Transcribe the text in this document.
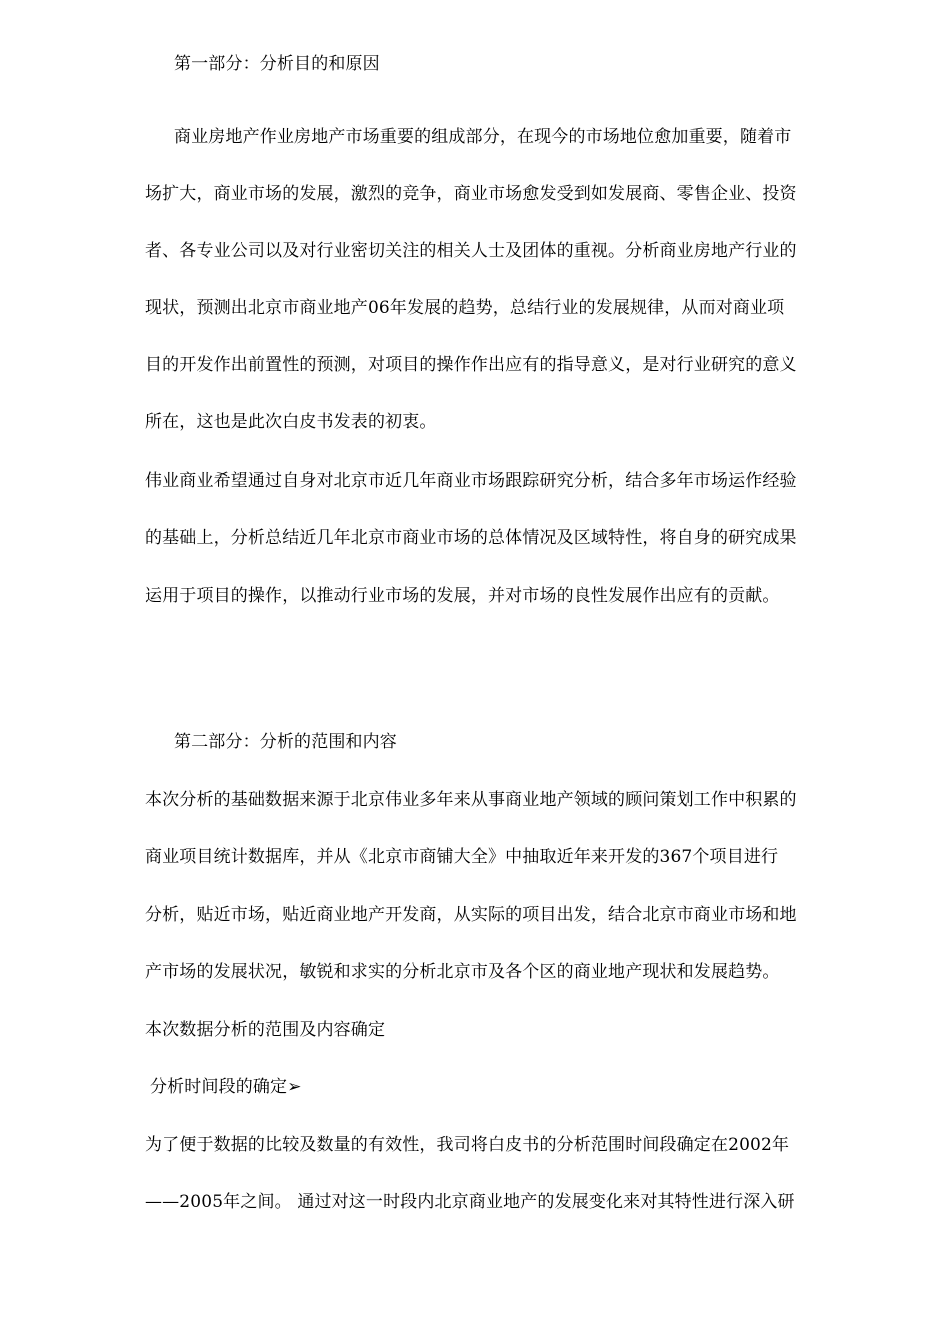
第一部分：分析目的和原因
商业房地产作业房地产市场重要的组成部分，在现今的市场地位愈加重要，随着市
场扩大，商业市场的发展，激烈的竞争，商业市场愈发受到如发展商、零售企业、投资
者、各专业公司以及对行业密切关注的相关人士及团体的重视。分析商业房地产行业的
现状，预测出北京市商业地产06年发展的趋势，总结行业的发展规律，从而对商业项
目的开发作出前置性的预测，对项目的操作作出应有的指导意义，是对行业研究的意义
所在，这也是此次白皮书发表的初衷。
伟业商业希望通过自身对北京市近几年商业市场跟踪研究分析，结合多年市场运作经验
的基础上，分析总结近几年北京市商业市场的总体情况及区域特性，将自身的研究成果
运用于项目的操作，以推动行业市场的发展，并对市场的良性发展作出应有的贡献。
第二部分：分析的范围和内容
本次分析的基础数据来源于北京伟业多年来从事商业地产领域的顾问策划工作中积累的
商业项目统计数据库，并从《北京市商铺大全》中抽取近年来开发的367个项目进行
分析，贴近市场，贴近商业地产开发商，从实际的项目出发，结合北京市商业市场和地
产市场的发展状况，敏锐和求实的分析北京市及各个区的商业地产现状和发展趋势。
本次数据分析的范围及内容确定
分析时间段的确定➢
为了便于数据的比较及数量的有效性，我司将白皮书的分析范围时间段确定在2002年
——2005年之间。 通过对这一时段内北京商业地产的发展变化来对其特性进行深入研
